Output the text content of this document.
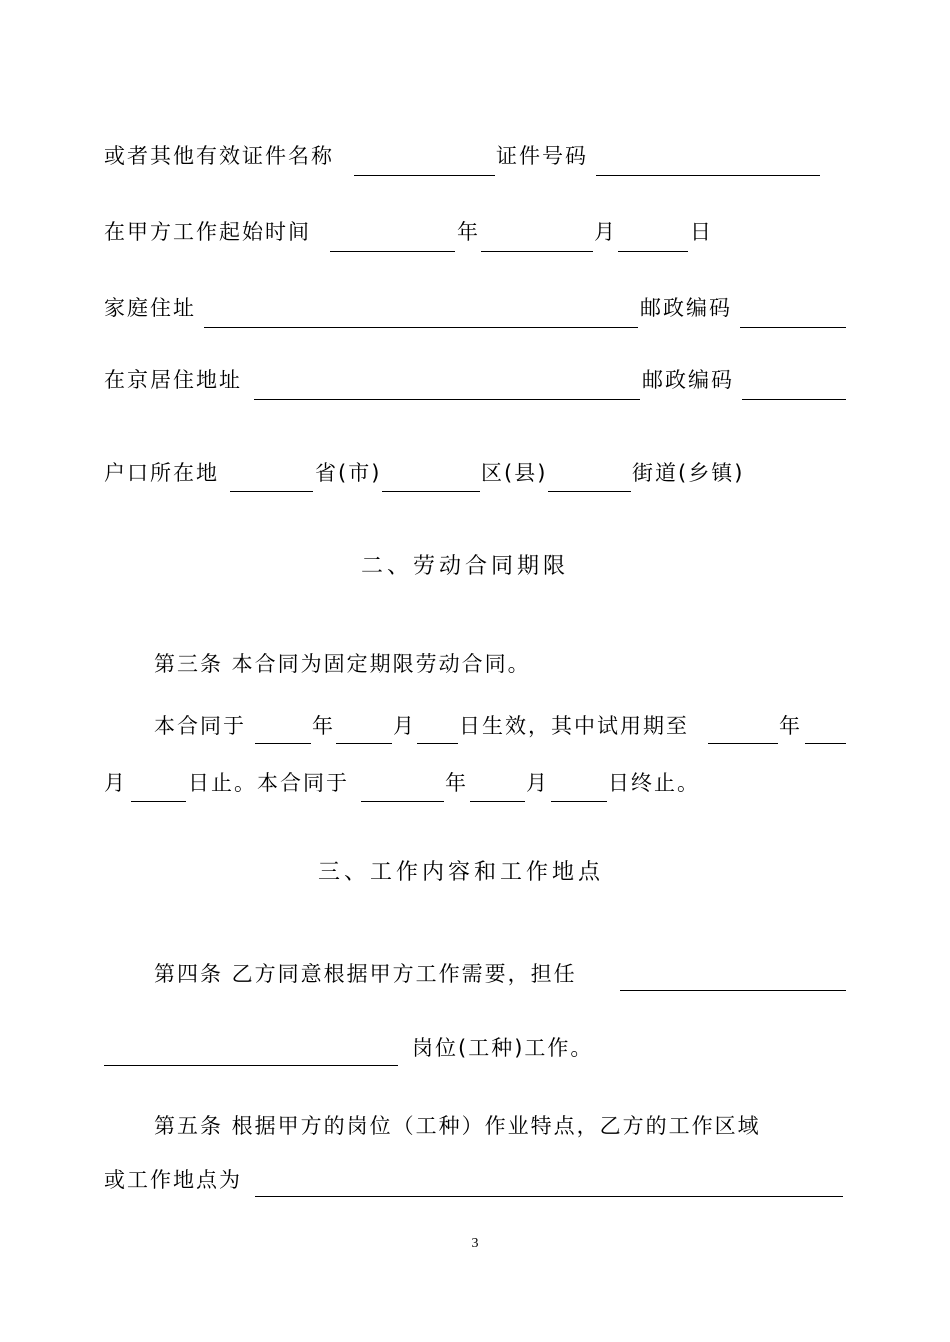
或者其他有效证件名称	证件号码
在甲方工作起始时间	年	月	日
家庭住址	邮政编码
在京居住地址	邮政编码
户口所在地	省(市)	区(县)	街道(乡镇)
二、劳动合同期限
第三条 本合同为固定期限劳动合同。
本合同于	年	月 日生效，其中试用期至	年
月	日止。本合同于	年	月	日终止。
三、工作内容和工作地点
第四条 乙方同意根据甲方工作需要，担任
岗位(工种)工作。
第五条 根据甲方的岗位（工种）作业特点，乙方的工作区域
或工作地点为
3
